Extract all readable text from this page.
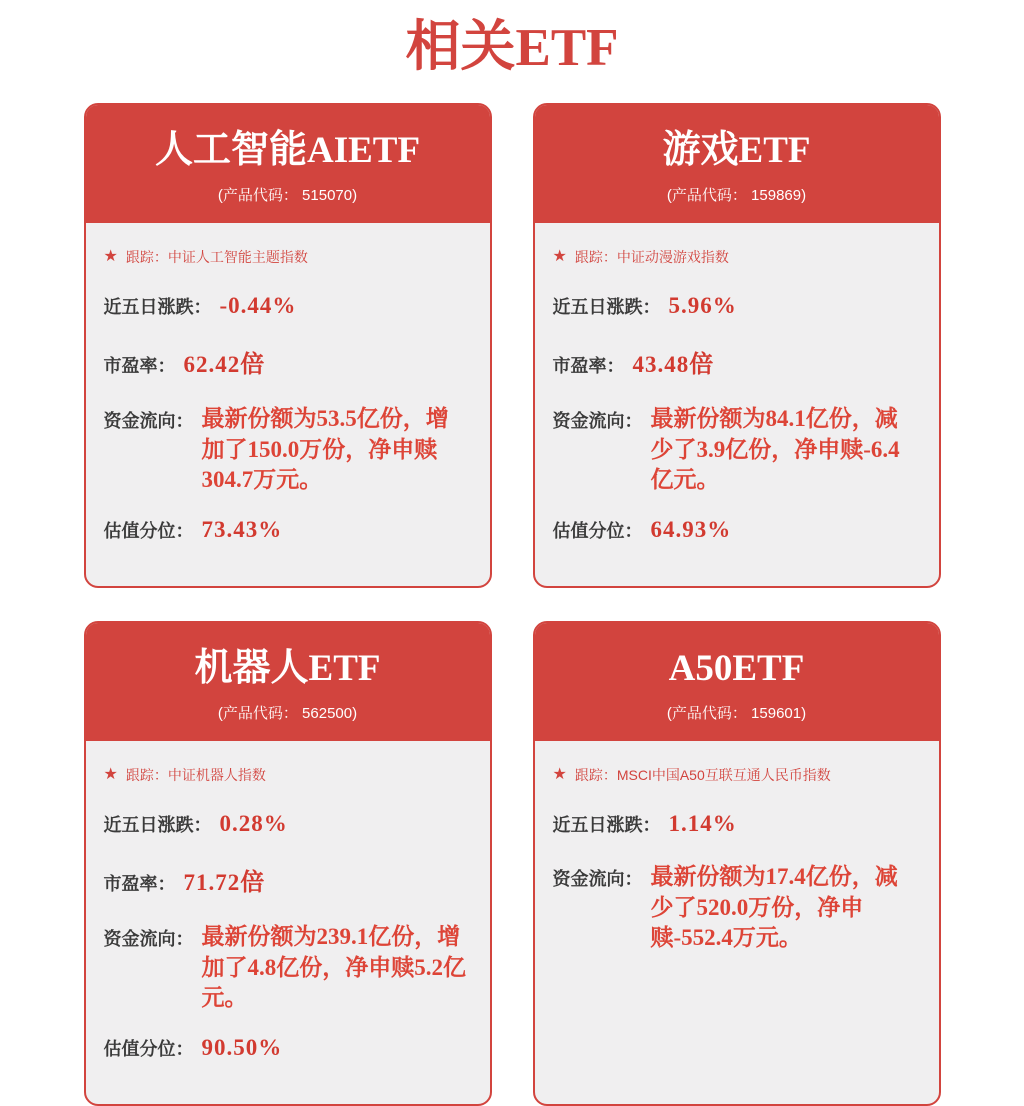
相关ETF
人工智能AIETF
(产品代码： 515070)
★ 跟踪： 中证人工智能主题指数
近五日涨跌： -0.44%
市盈率： 62.42 倍
资金流向： 最新份额为53.5亿份，增加了150.0万份，净申赎304.7万元。
估值分位： 73.43%
游戏ETF
(产品代码： 159869)
★ 跟踪： 中证动漫游戏指数
近五日涨跌： 5.96%
市盈率： 43.48 倍
资金流向： 最新份额为84.1亿份，减少了3.9亿份，净申赎-6.4亿元。
估值分位： 64.93%
机器人ETF
(产品代码： 562500)
★ 跟踪： 中证机器人指数
近五日涨跌： 0.28%
市盈率： 71.72 倍
资金流向： 最新份额为239.1亿份，增加了4.8亿份，净申赎5.2亿元。
估值分位： 90.50%
A50ETF
(产品代码： 159601)
★ 跟踪： MSCI中国A50互联互通人民币指数
近五日涨跌： 1.14%
资金流向： 最新份额为17.4亿份，减少了520.0万份，净申赎-552.4万元。
